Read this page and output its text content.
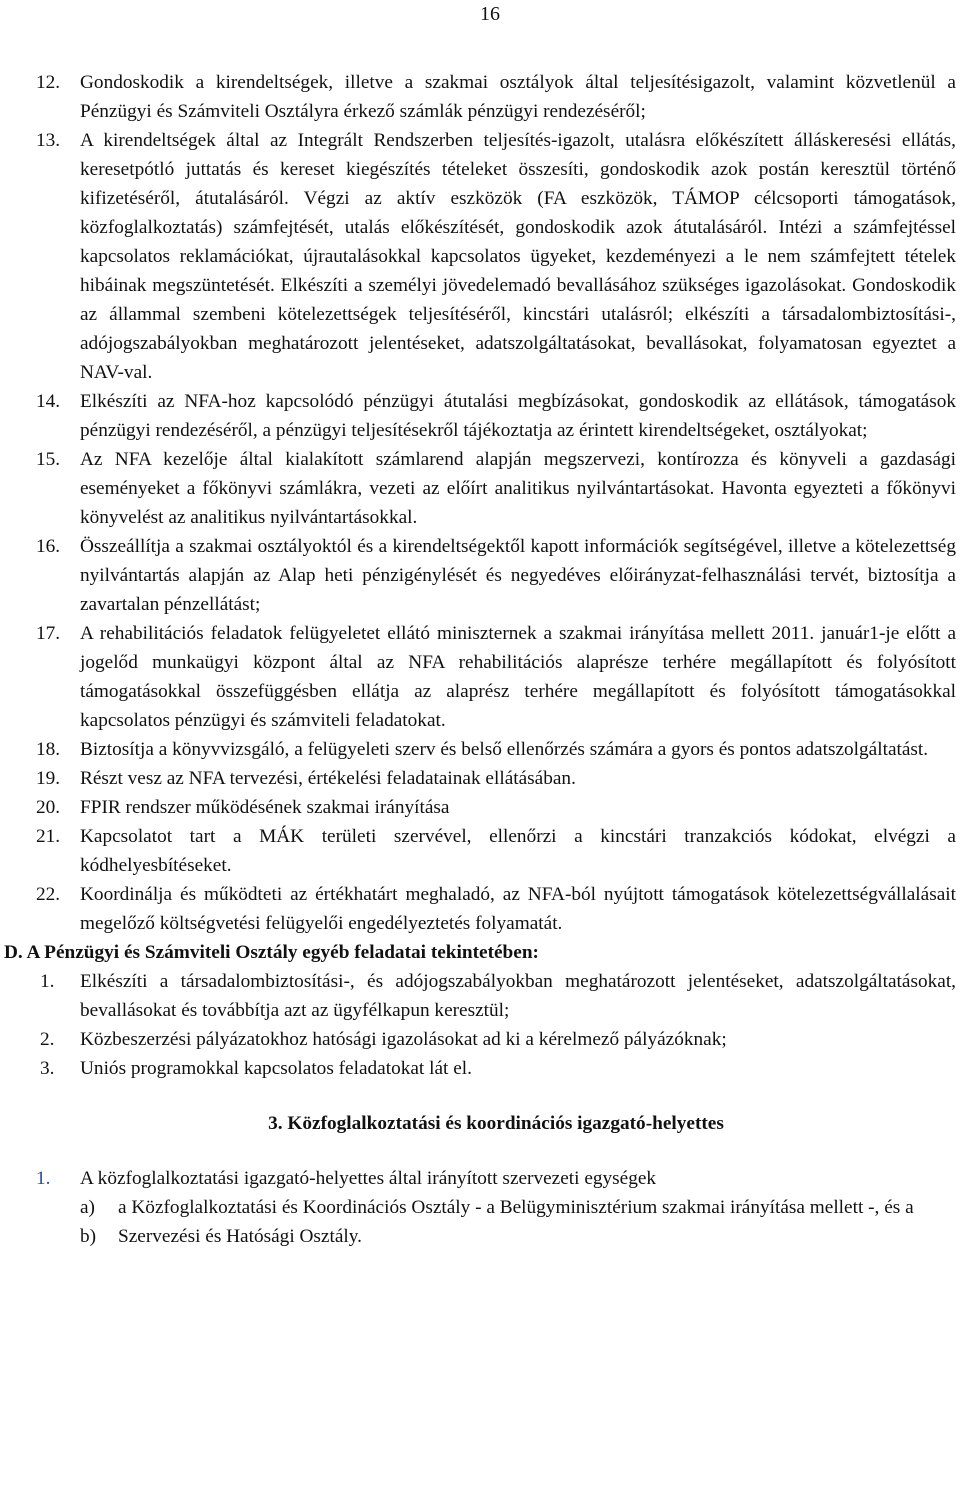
16
12. Gondoskodik a kirendeltségek, illetve a szakmai osztályok által teljesítésigazolt, valamint közvetlenül a Pénzügyi és Számviteli Osztályra érkező számlák pénzügyi rendezéséről;
13. A kirendeltségek által az Integrált Rendszerben teljesítés-igazolt, utalásra előkészített álláskeresési ellátás, keresetpótló juttatás és kereset kiegészítés tételeket összesíti, gondoskodik azok postán keresztül történő kifizetéséről, átutalásáról. Végzi az aktív eszközök (FA eszközök, TÁMOP célcsoporti támogatások, közfoglalkoztatás) számfejtését, utalás előkészítését, gondoskodik azok átutalásáról. Intézi a számfejtéssel kapcsolatos reklamációkat, újrautalásokkal kapcsolatos ügyeket, kezdeményezi a le nem számfejtett tételek hibáinak megszüntetését. Elkészíti a személyi jövedelemadó bevallásához szükséges igazolásokat. Gondoskodik az állammal szembeni kötelezettségek teljesítéséről, kincstári utalásról; elkészíti a társadalombiztosítási-, adójogszabályokban meghatározott jelentéseket, adatszolgáltatásokat, bevallásokat, folyamatosan egyeztet a NAV-val.
14. Elkészíti az NFA-hoz kapcsolódó pénzügyi átutalási megbízásokat, gondoskodik az ellátások, támogatások pénzügyi rendezéséről, a pénzügyi teljesítésekről tájékoztatja az érintett kirendeltségeket, osztályokat;
15. Az NFA kezelője által kialakított számlarend alapján megszervezi, kontírozza és könyveli a gazdasági eseményeket a főkönyvi számlákra, vezeti az előírt analitikus nyilvántartásokat. Havonta egyezteti a főkönyvi könyvelést az analitikus nyilvántartásokkal.
16. Összeállítja a szakmai osztályoktól és a kirendeltségektől kapott információk segítségével, illetve a kötelezettség nyilvántartás alapján az Alap heti pénzigénylését és negyedéves előirányzat-felhasználási tervét, biztosítja a zavartalan pénzellátást;
17. A rehabilitációs feladatok felügyeletet ellátó miniszternek a szakmai irányítása mellett 2011. január1-je előtt a jogelőd munkaügyi központ által az NFA rehabilitációs alaprésze terhére megállapított és folyósított támogatásokkal összefüggésben ellátja az alaprész terhére megállapított és folyósított támogatásokkal kapcsolatos pénzügyi és számviteli feladatokat.
18. Biztosítja a könyvvizsgáló, a felügyeleti szerv és belső ellenőrzés számára a gyors és pontos adatszolgáltatást.
19. Részt vesz az NFA tervezési, értékelési feladatainak ellátásában.
20. FPIR rendszer működésének szakmai irányítása
21. Kapcsolatot tart a MÁK területi szervével, ellenőrzi a kincstári tranzakciós kódokat, elvégzi a kódhelyesbítéseket.
22. Koordinálja és működteti az értékhatárt meghaladó, az NFA-ból nyújtott támogatások kötelezettségvállalásait megelőző költségvetési felügyelői engedélyeztetés folyamatát.
D. A Pénzügyi és Számviteli Osztály egyéb feladatai tekintetében:
1. Elkészíti a társadalombiztosítási-, és adójogszabályokban meghatározott jelentéseket, adatszolgáltatásokat, bevallásokat és továbbítja azt az ügyfélkapun keresztül;
2. Közbeszerzési pályázatokhoz hatósági igazolásokat ad ki a kérelmező pályázóknak;
3. Uniós programokkal kapcsolatos feladatokat lát el.
3. Közfoglalkoztatási és koordinációs igazgató-helyettes
1. A közfoglalkoztatási igazgató-helyettes által irányított szervezeti egységek
a) a Közfoglalkoztatási és Koordinációs Osztály - a Belügyminisztérium szakmai irányítása mellett -, és a
b) Szervezési és Hatósági Osztály.
